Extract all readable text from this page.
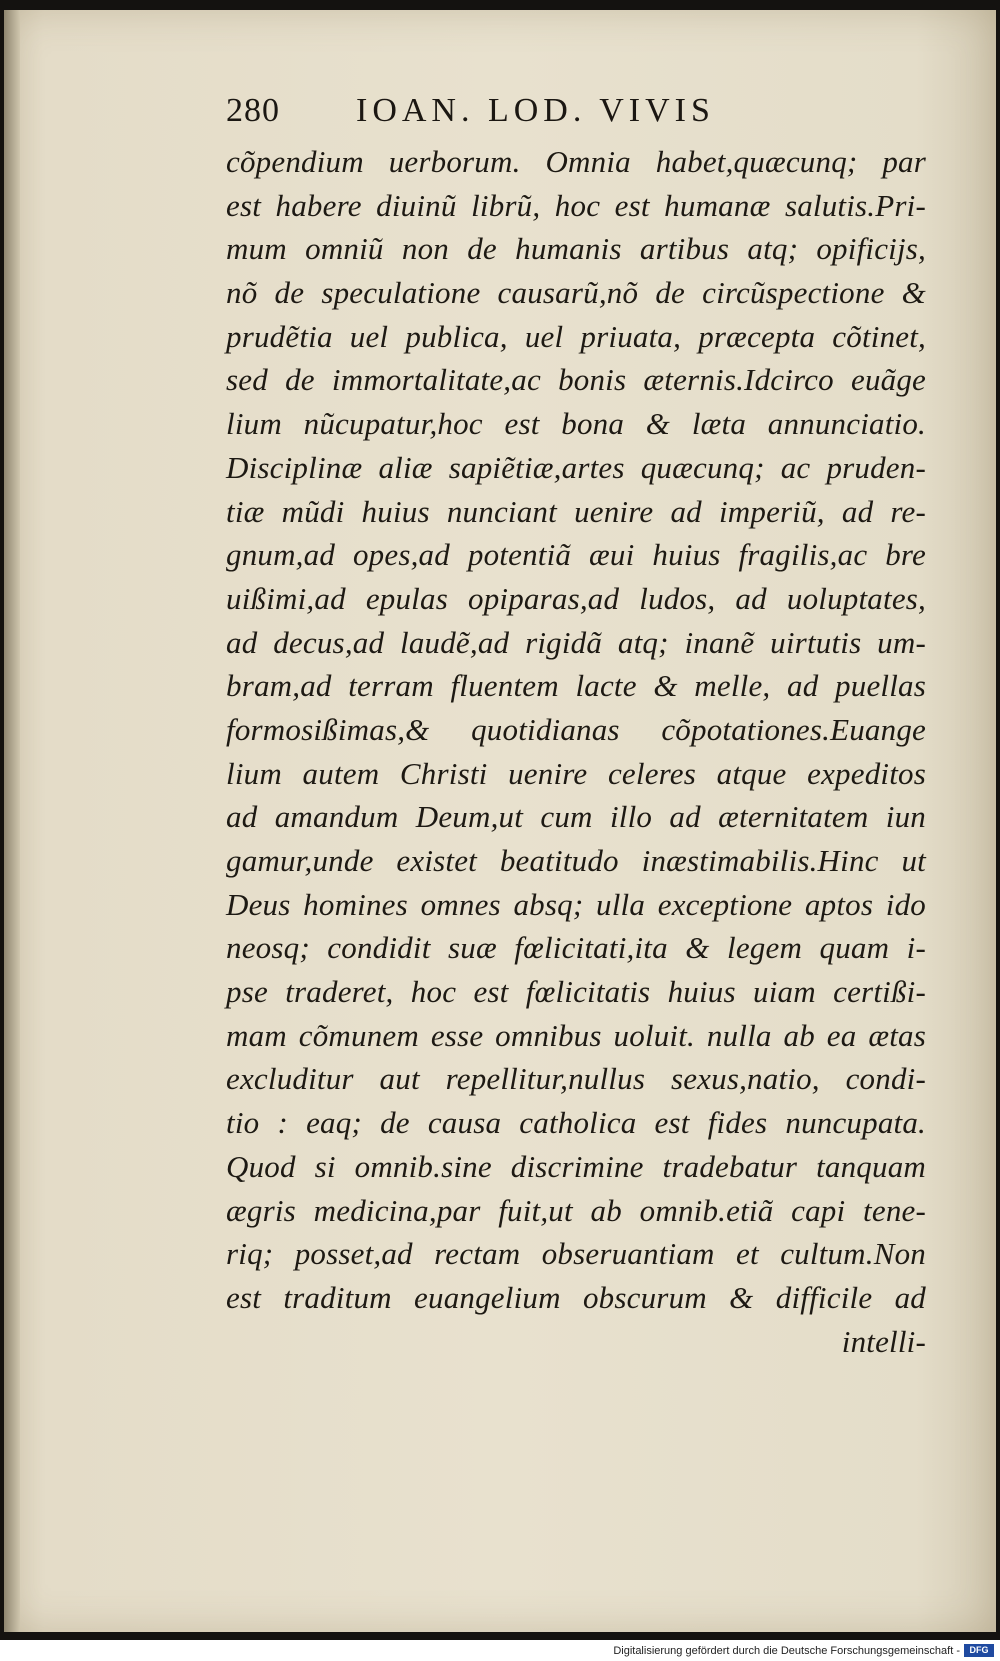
280 IOAN. LOD. VIVIS
cõpendium uerborum. Omnia habet,quæcunq; par
est habere diuinũ librũ, hoc est humanæ salutis.Pri-
mum omniũ non de humanis artibus atq; opificijs,
nõ de speculatione causarũ,nõ de circũspectione &
prudẽtia uel publica, uel priuata, præcepta cõtinet,
sed de immortalitate,ac bonis æternis.Idcirco euãge
lium nũcupatur,hoc est bona & læta annunciatio.
Disciplinæ aliæ sapiẽtiæ,artes quæcunq; ac pruden-
tiæ mũdi huius nunciant uenire ad imperiũ, ad re-
gnum,ad opes,ad potentiã æui huius fragilis,ac bre
uißimi,ad epulas opiparas,ad ludos, ad uoluptates,
ad decus,ad laudẽ,ad rigidã atq; inanẽ uirtutis um-
bram,ad terram fluentem lacte & melle, ad puellas
formosißimas,& quotidianas cõpotationes.Euange
lium autem Christi uenire celeres atque expeditos
ad amandum Deum,ut cum illo ad æternitatem iun
gamur,unde existet beatitudo inæstimabilis.Hinc ut
Deus homines omnes absq; ulla exceptione aptos ido
neosq; condidit suæ fœlicitati,ita & legem quam i-
pse traderet, hoc est fœlicitatis huius uiam certißi-
mam cõmunem esse omnibus uoluit. nulla ab ea ætas
excluditur aut repellitur,nullus sexus,natio, condi-
tio : eaq; de causa catholica est fides nuncupata.
Quod si omnib.sine discrimine tradebatur tanquam
ægris medicina,par fuit,ut ab omnib.etiã capi tene-
riq; posset,ad rectam obseruantiam et cultum.Non
est traditum euangelium obscurum & difficile ad
intelli-
Digitalisierung gefördert durch die Deutsche Forschungsgemeinschaft -	DFG
